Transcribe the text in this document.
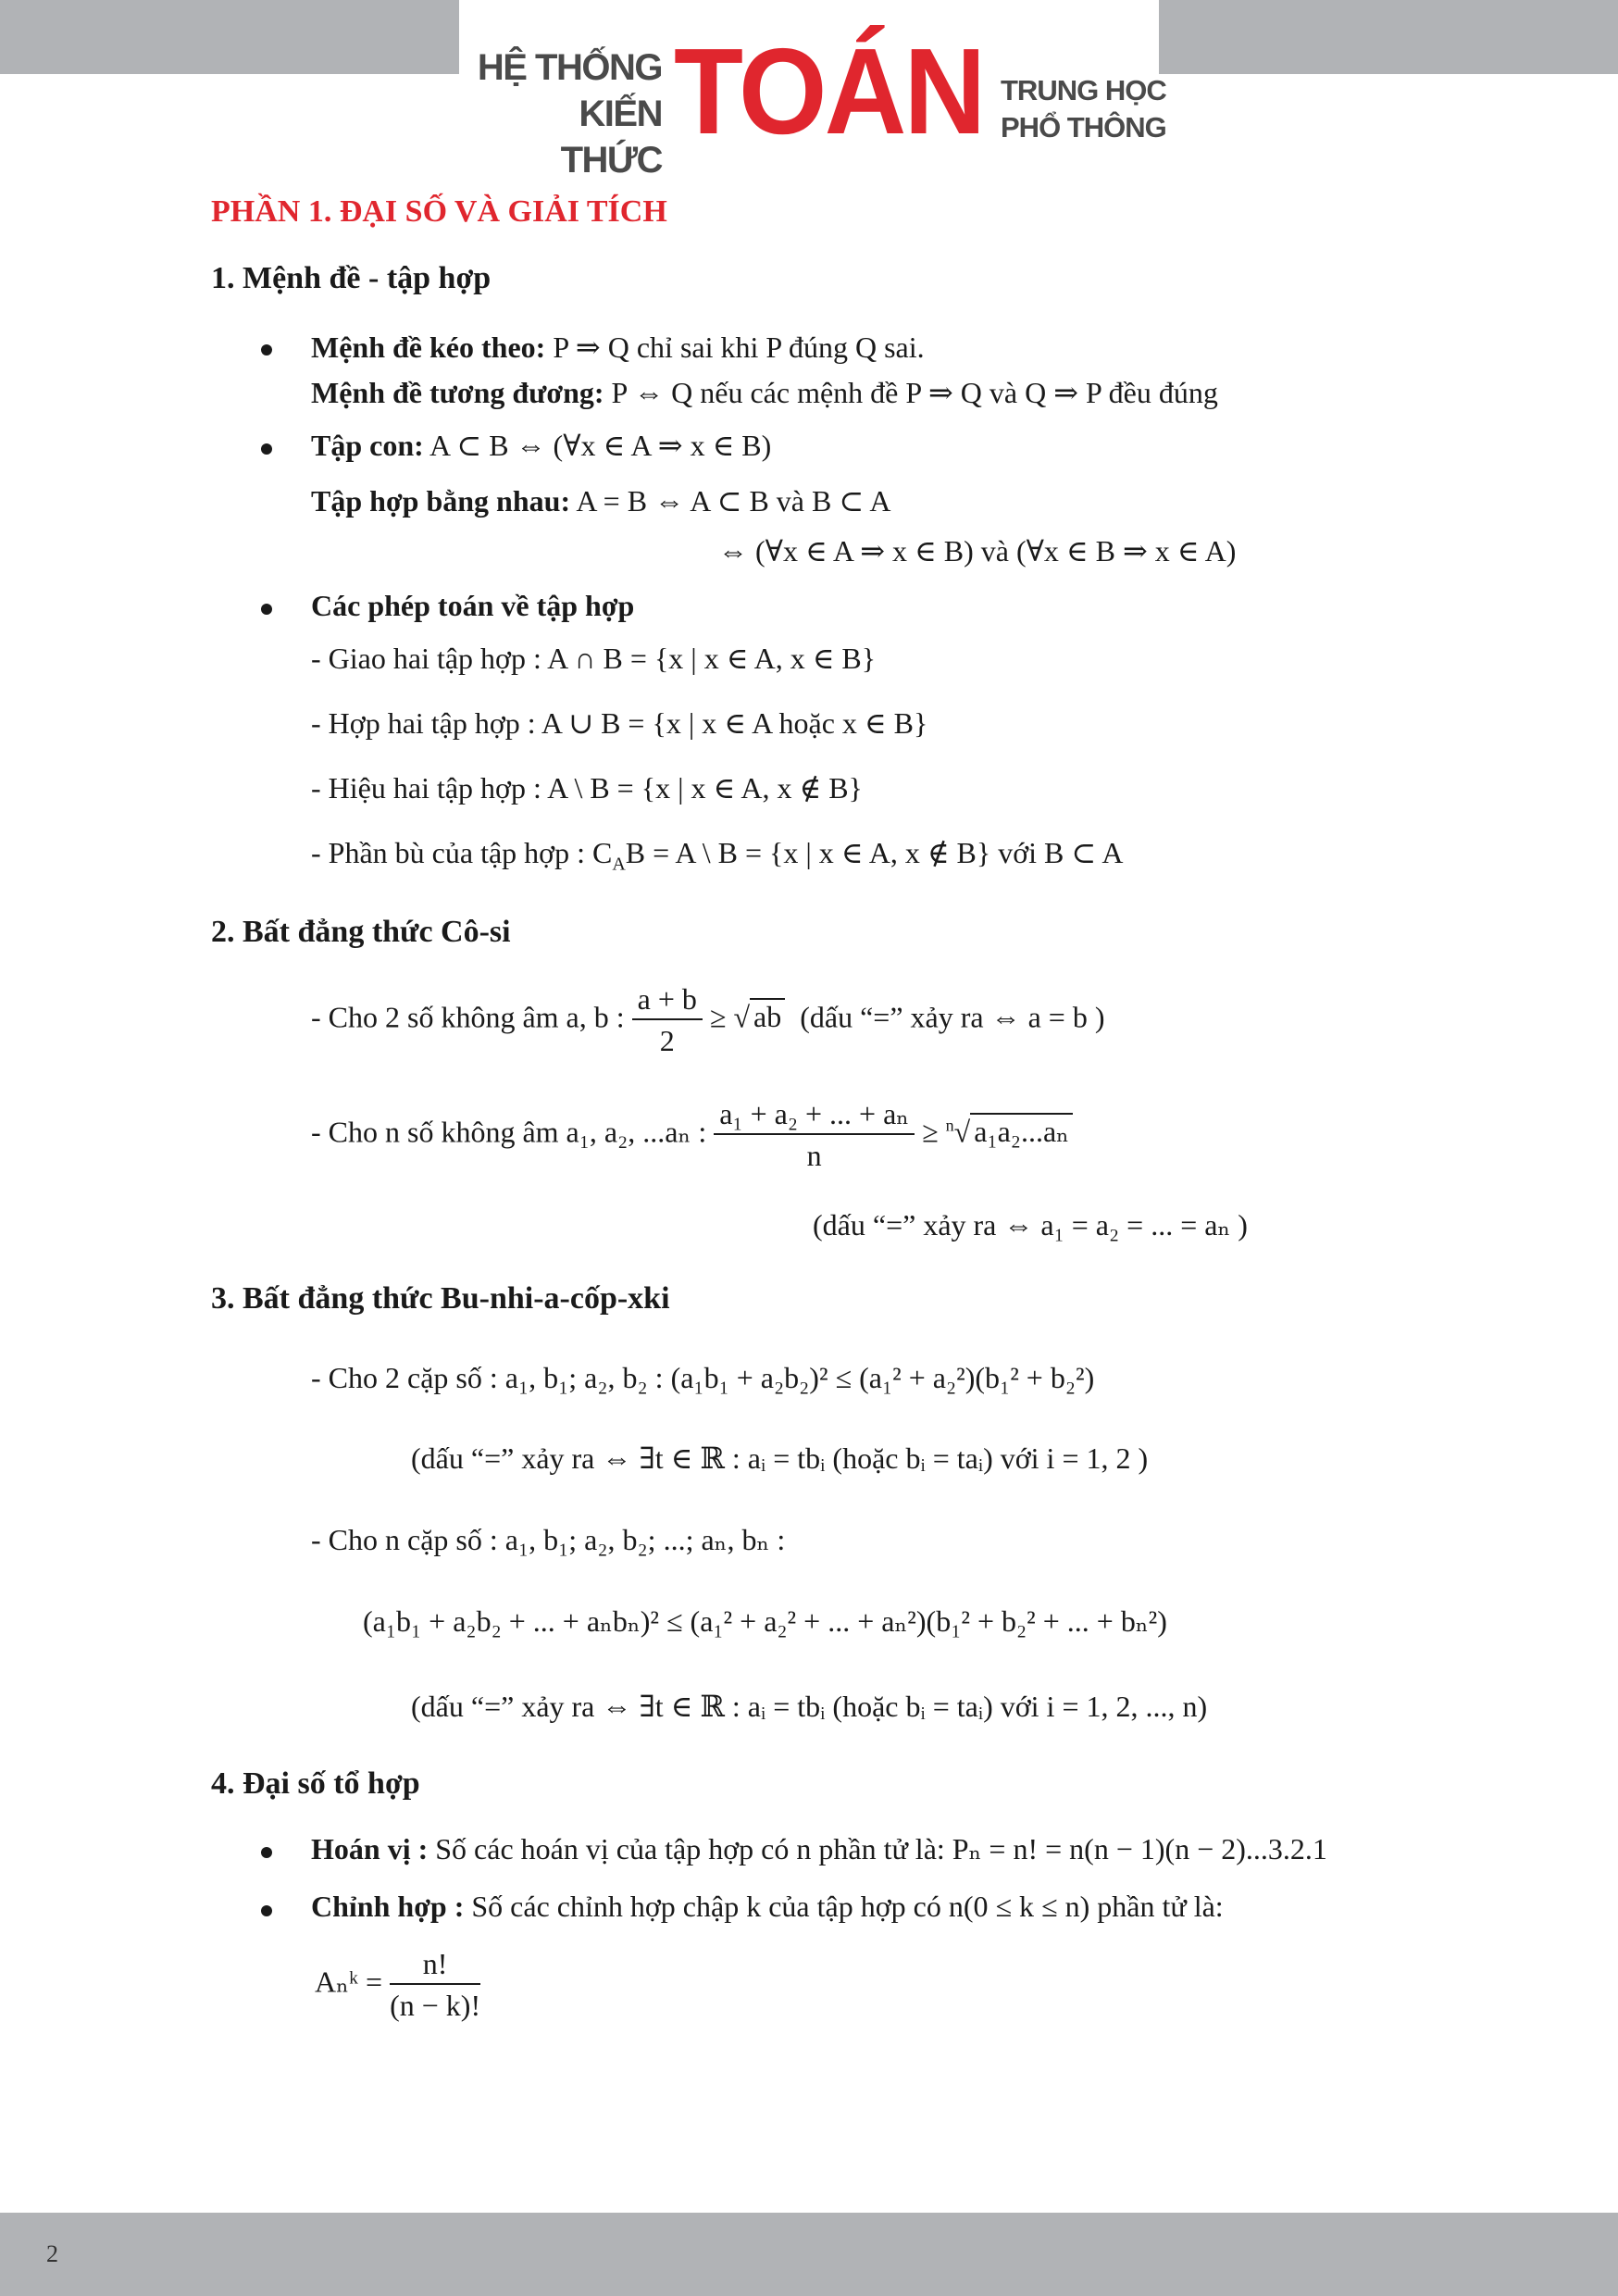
HỆ THỐNG
KIẾN THỨC
TOÁN TRUNG HỌC
PHỔ THÔNG
PHẦN 1. ĐẠI SỐ VÀ GIẢI TÍCH
1. Mệnh đề - tập hợp
Mệnh đề kéo theo: P ⇒ Q chỉ sai khi P đúng Q sai.
Mệnh đề tương đương: P ⇔ Q nếu các mệnh đề P ⇒ Q và Q ⇒ P đều đúng
Tập con: A ⊂ B ⇔ (∀x ∈ A ⇒ x ∈ B)
Tập hợp bằng nhau: A = B ⇔ A ⊂ B và B ⊂ A
⇔ (∀x ∈ A ⇒ x ∈ B) và (∀x ∈ B ⇒ x ∈ A)
Các phép toán về tập hợp
- Giao hai tập hợp : A ∩ B = {x | x ∈ A, x ∈ B}
- Hợp hai tập hợp : A ∪ B = {x | x ∈ A hoặc x ∈ B}
- Hiệu hai tập hợp : A \ B = {x | x ∈ A, x ∉ B}
- Phần bù của tập hợp : $C_AB = A$ \ B = {x | x ∈ A, x ∉ B} với B ⊂ A
2. Bất đẳng thức Cô-si
- Cho 2 số không âm a, b : $\frac{a + b}{2}$ ≥ √ ab (dấu “=” xảy ra ⇔ a = b )
- Cho n số không âm a₁, a₂, ...aₙ : $\frac{\text{a₁ + a₂ + ... + aₙ}}{n} \ge ^n√$ a₁a₂...aₙ
(dấu “=” xảy ra ⇔ a₁ = a₂ = ... = aₙ )
3. Bất đẳng thức Bu-nhi-a-cốp-xki
- Cho 2 cặp số : a₁, b₁; a₂, b₂ : (a₁b₁ + a₂b₂)² ≤ (a₁² + a₂²)(b₁² + b₂²)
(dấu “=” xảy ra ⇔ ∃t ∈ ℝ : aᵢ = tbᵢ (hoặc bᵢ = taᵢ) với i = 1, 2 )
- Cho n cặp số : a₁, b₁; a₂, b₂; ...; aₙ, bₙ :
(a₁b₁ + a₂b₂ + ... + aₙbₙ)² ≤ (a₁² + a₂² + ... + aₙ²)(b₁² + b₂² + ... + bₙ²)
(dấu “=” xảy ra ⇔ ∃t ∈ ℝ : aᵢ = tbᵢ (hoặc bᵢ = taᵢ) với i = 1, 2, ..., n)
4. Đại số tổ hợp
Hoán vị : Số các hoán vị của tập hợp có n phần tử là: Pₙ = n! = n(n − 1)(n − 2)...3.2.1
Chỉnh hợp : Số các chỉnh hợp chập k của tập hợp có n(0 ≤ k ≤ n) phần tử là:
Aₙᵏ = $\frac{n!}{(n - k)!}$
2
